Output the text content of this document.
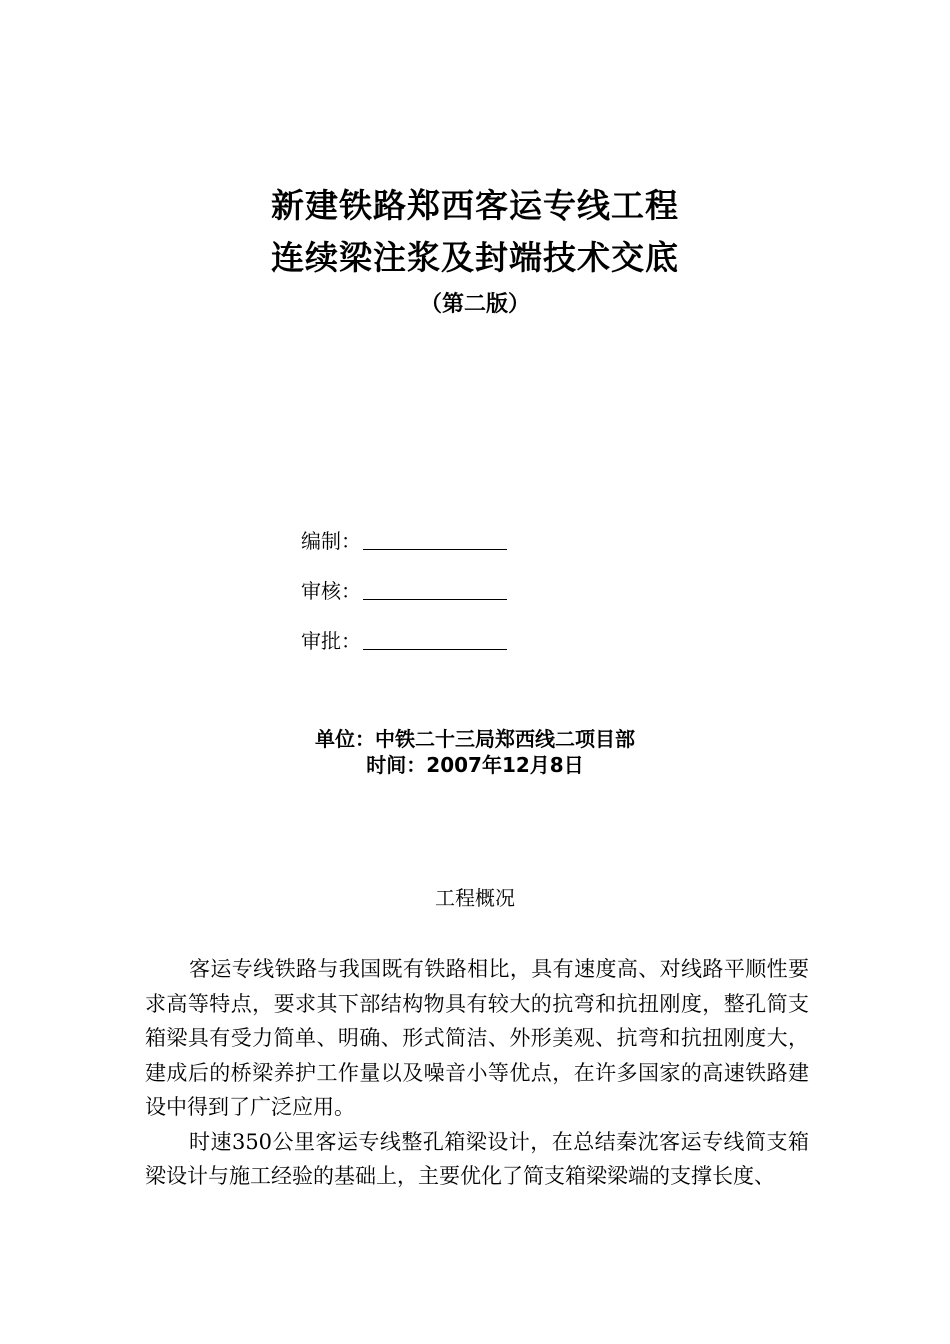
新建铁路郑西客运专线工程
连续梁注浆及封端技术交底
（第二版）
编制：
审核：
审批：
单位：中铁二十三局郑西线二项目部
时间：2007年12月8日
工程概况

客运专线铁路与我国既有铁路相比，具有速度高、对线路平顺性要求高等特点，要求其下部结构物具有较大的抗弯和抗扭刚度，整孔简支箱梁具有受力简单、明确、形式简洁、外形美观、抗弯和抗扭刚度大，建成后的桥梁养护工作量以及噪音小等优点，在许多国家的高速铁路建设中得到了广泛应用。

时速350公里客运专线整孔箱梁设计，在总结秦沈客运专线简支箱梁设计与施工经验的基础上，主要优化了简支箱梁梁端的支撑长度、
